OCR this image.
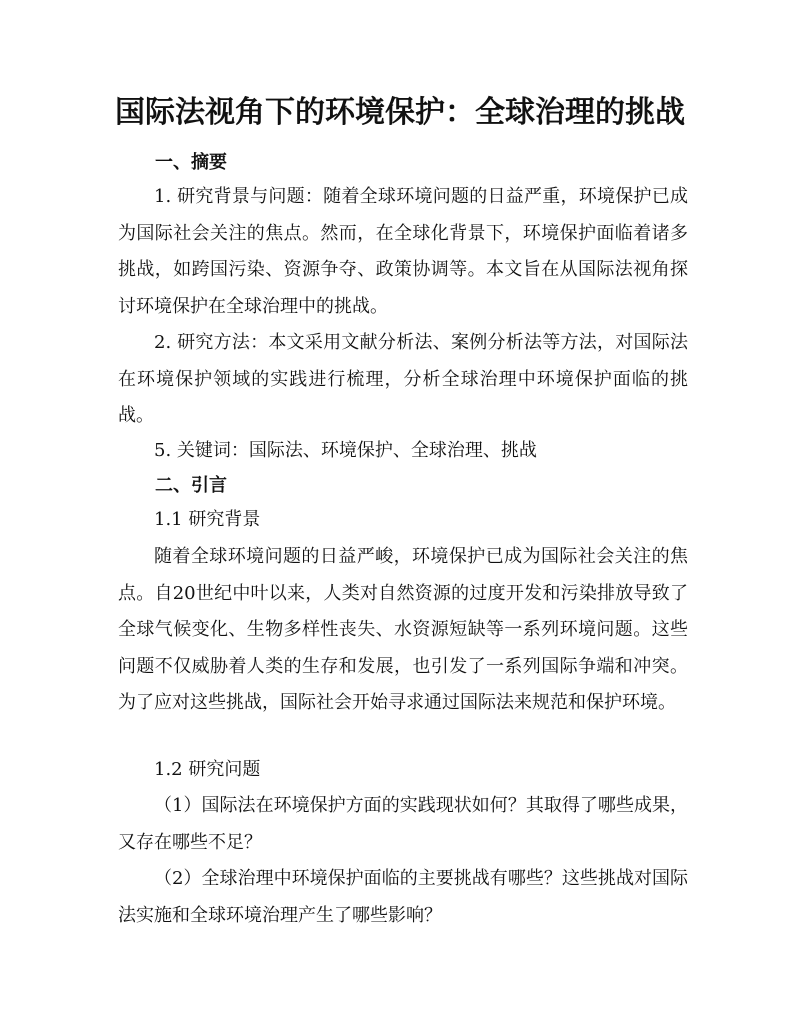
国际法视角下的环境保护：全球治理的挑战
一、摘要

1. 研究背景与问题：随着全球环境问题的日益严重，环境保护已成为国际社会关注的焦点。然而，在全球化背景下，环境保护面临着诸多挑战，如跨国污染、资源争夺、政策协调等。本文旨在从国际法视角探讨环境保护在全球治理中的挑战。

2. 研究方法：本文采用文献分析法、案例分析法等方法，对国际法在环境保护领域的实践进行梳理，分析全球治理中环境保护面临的挑战。

5. 关键词：国际法、环境保护、全球治理、挑战

二、引言

1.1 研究背景

随着全球环境问题的日益严峻，环境保护已成为国际社会关注的焦点。自20世纪中叶以来，人类对自然资源的过度开发和污染排放导致了全球气候变化、生物多样性丧失、水资源短缺等一系列环境问题。这些问题不仅威胁着人类的生存和发展，也引发了一系列国际争端和冲突。为了应对这些挑战，国际社会开始寻求通过国际法来规范和保护环境。

1.2 研究问题

（1）国际法在环境保护方面的实践现状如何？其取得了哪些成果，又存在哪些不足？

（2）全球治理中环境保护面临的主要挑战有哪些？这些挑战对国际法实施和全球环境治理产生了哪些影响？
